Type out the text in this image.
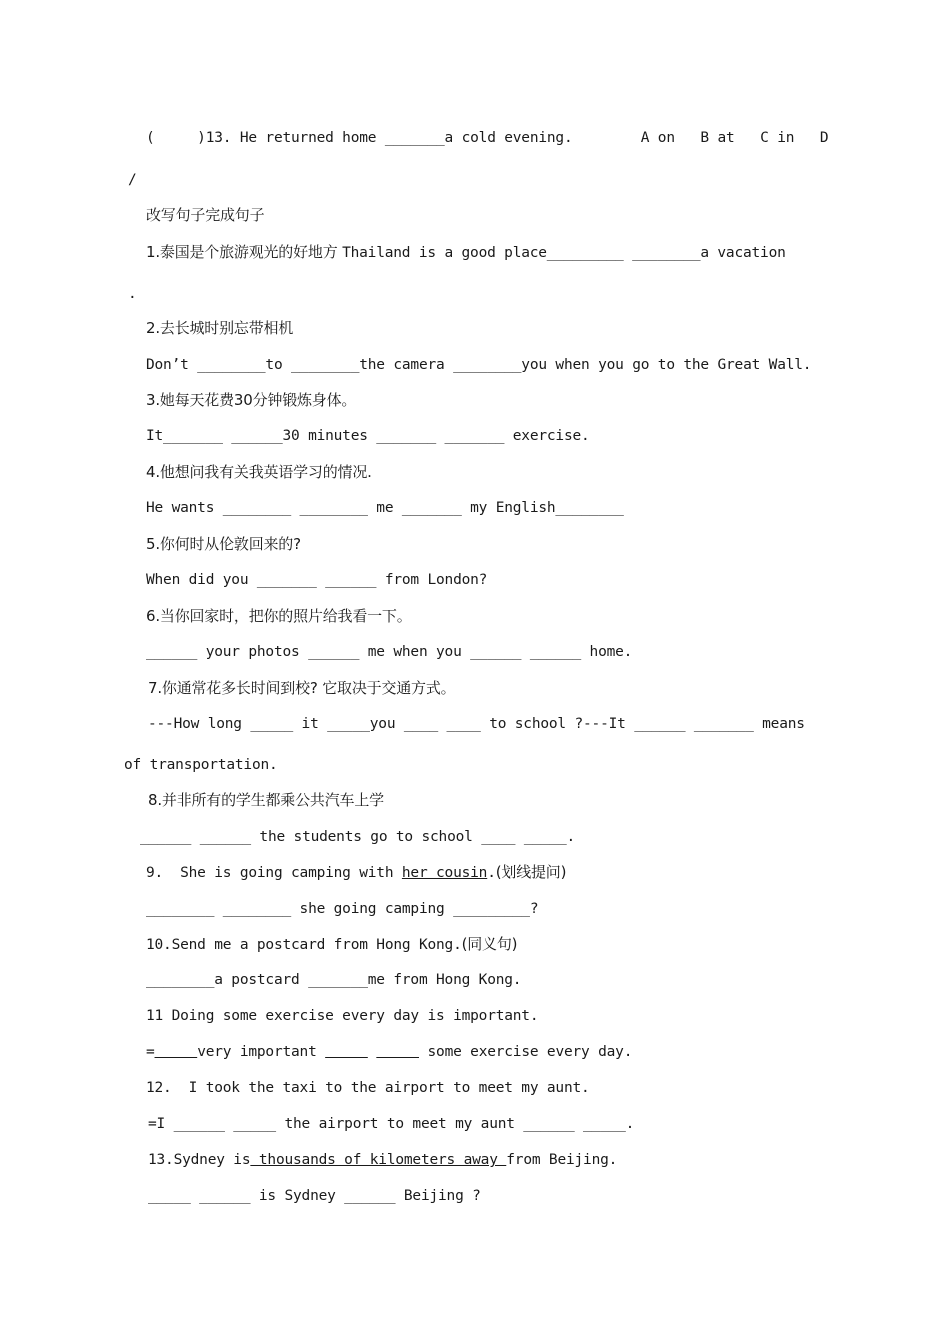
(     )13. He returned home _______a cold evening.        A on   B at   C in   D
/
改写句子完成句子
1.泰国是个旅游观光的好地方 Thailand is a good place_________ ________a vacation
.
2.去长城时别忘带相机
Don’t ________to ________the camera ________you when you go to the Great Wall.
3.她每天花费30分钟锻炼身体。
It_______ ______30 minutes _______ _______ exercise.
4.他想问我有关我英语学习的情况.
He wants ________ ________ me _______ my English________
5.你何时从伦敦回来的?
When did you _______ ______ from London?
6.当你回家时，把你的照片给我看一下。
______ your photos ______ me when you ______ ______ home.
7.你通常花多长时间到校? 它取决于交通方式。
---How long _____ it _____you ____ ____ to school ?---It ______ _______ means
of transportation.
8.并非所有的学生都乘公共汽车上学
______ ______ the students go to school ____ _____.
9.  She is going camping with her cousin.(划线提问)
________ ________ she going camping _________?
10.Send me a postcard from Hong Kong.(同义句)
________a postcard _______me from Hong Kong.
11 Doing some exercise every day is important.
=	very important	some exercise every day.
12.  I took the taxi to the airport to meet my aunt.
=I ______ _____ the airport to meet my aunt ______ _____.
13.Sydney is thousands of kilometers away from Beijing.
_____ ______ is Sydney ______ Beijing ?
